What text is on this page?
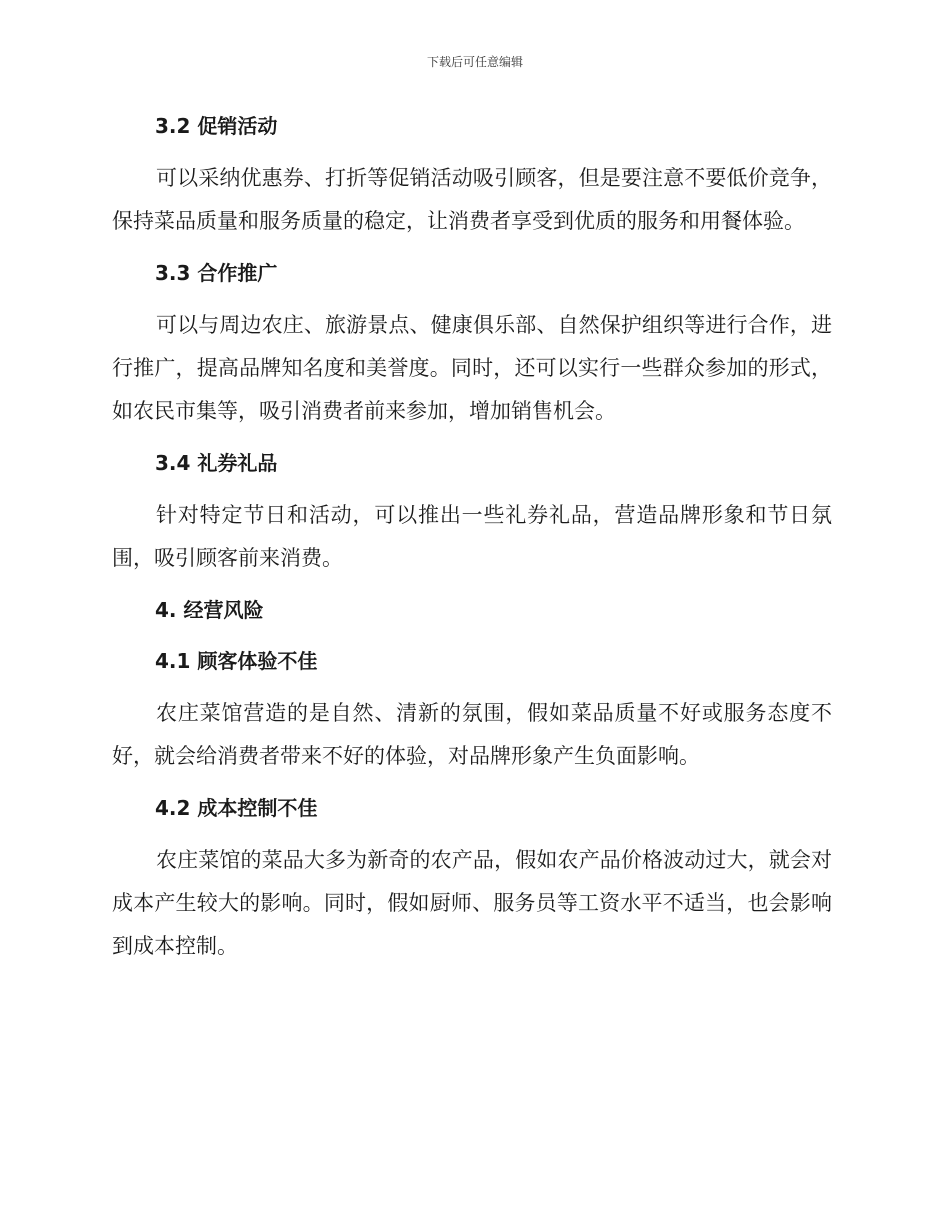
下载后可任意编辑
3.2 促销活动

可以采纳优惠券、打折等促销活动吸引顾客，但是要注意不要低价竞争，保持菜品质量和服务质量的稳定，让消费者享受到优质的服务和用餐体验。

3.3 合作推广

可以与周边农庄、旅游景点、健康俱乐部、自然保护组织等进行合作，进行推广，提高品牌知名度和美誉度。同时，还可以实行一些群众参加的形式，如农民市集等，吸引消费者前来参加，增加销售机会。

3.4 礼券礼品

针对特定节日和活动，可以推出一些礼券礼品，营造品牌形象和节日氛围，吸引顾客前来消费。

4. 经营风险
4.1 顾客体验不佳

农庄菜馆营造的是自然、清新的氛围，假如菜品质量不好或服务态度不好，就会给消费者带来不好的体验，对品牌形象产生负面影响。

4.2 成本控制不佳

农庄菜馆的菜品大多为新奇的农产品，假如农产品价格波动过大，就会对成本产生较大的影响。同时，假如厨师、服务员等工资水平不适当，也会影响到成本控制。
